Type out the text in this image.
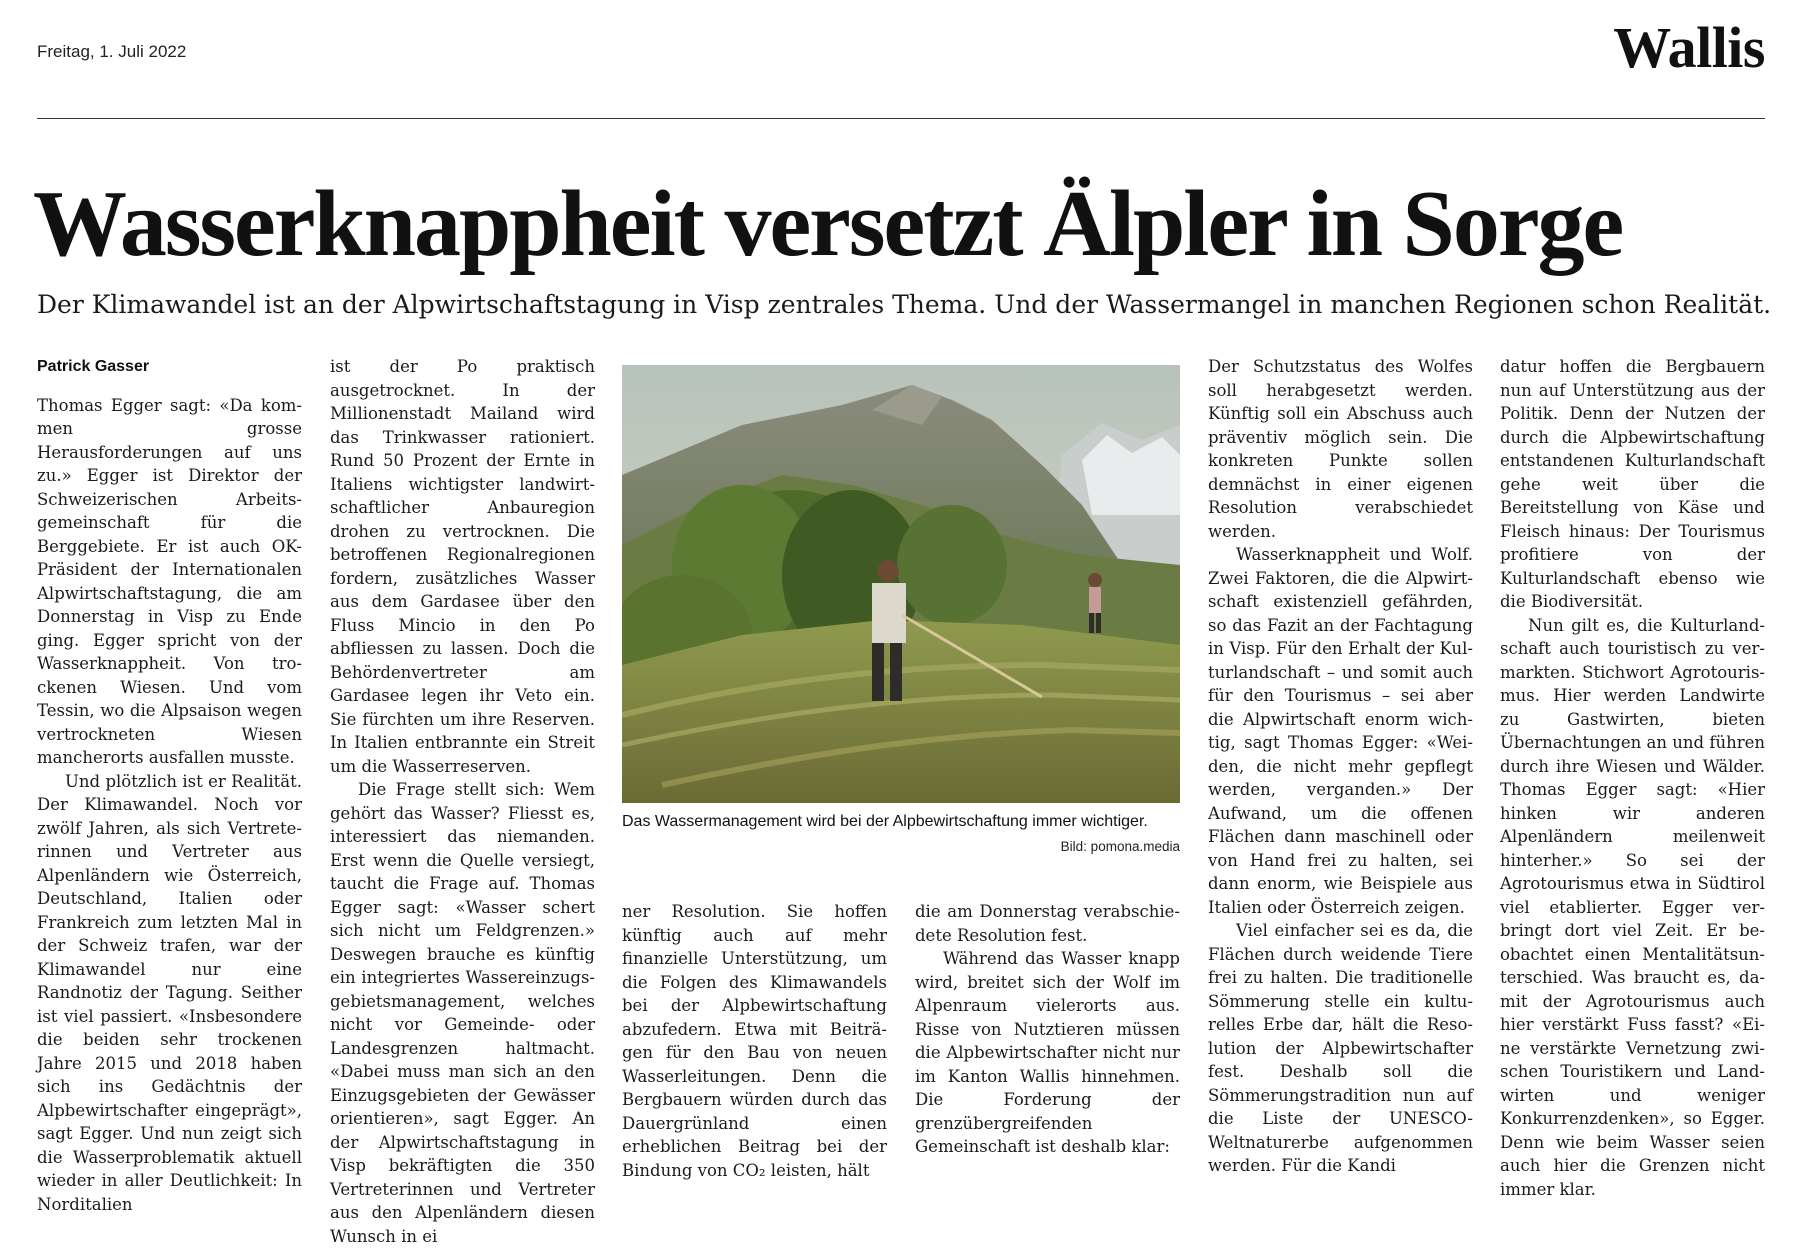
Freitag, 1. Juli 2022	Wallis
Wasserknappheit versetzt Älpler in Sorge

Der Klimawandel ist an der Alpwirtschaftstagung in Visp zentrales Thema. Und der Wassermangel in manchen Regionen schon Realität.

Patrick Gasser

Thomas Egger sagt: «Da kommen grosse Herausforderungen auf uns zu.» Egger ist Direktor der Schweizerischen Arbeitsgemeinschaft für die Berggebiete. Er ist auch OK-Präsident der Internationalen Alpwirtschaftstagung, die am Donnerstag in Visp zu Ende ging. Egger spricht von der Wasserknappheit. Von trockenen Wiesen. Und vom Tessin, wo die Alpsaison wegen vertrockneten Wiesen mancherorts ausfallen musste.

Und plötzlich ist er Realität. Der Klimawandel. Noch vor zwölf Jahren, als sich Vertreterinnen und Vertreter aus Alpenländern wie Österreich, Deutschland, Italien oder Frankreich zum letzten Mal in der Schweiz trafen, war der Klimawandel nur eine Randnotiz der Tagung. Seither ist viel passiert. «Insbesondere die beiden sehr trockenen Jahre 2015 und 2018 haben sich ins Gedächtnis der Alpbewirtschafter eingeprägt», sagt Egger. Und nun zeigt sich die Wasserproblematik aktuell wieder in aller Deutlichkeit: In Norditalien

ist der Po praktisch ausgetrocknet. In der Millionenstadt Mailand wird das Trinkwasser rationiert. Rund 50 Prozent der Ernte in Italiens wichtigster landwirtschaftlicher Anbauregion drohen zu vertrocknen. Die betroffenen Regionalregionen fordern, zusätzliches Wasser aus dem Gardasee über den Fluss Mincio in den Po abfliessen zu lassen. Doch die Behördenvertreter am Gardasee legen ihr Veto ein. Sie fürchten um ihre Reserven. In Italien entbrannte ein Streit um die Wasserreserven.

Die Frage stellt sich: Wem gehört das Wasser? Fliesst es, interessiert das niemanden. Erst wenn die Quelle versiegt, taucht die Frage auf. Thomas Egger sagt: «Wasser schert sich nicht um Feldgrenzen.» Deswegen brauche es künftig ein integriertes Wassereinzugsgebietsmanagement, welches nicht vor Gemeinde- oder Landesgrenzen haltmacht. «Dabei muss man sich an den Einzugsgebieten der Gewässer orientieren», sagt Egger. An der Alpwirtschaftstagung in Visp bekräftigten die 350 Vertreterinnen und Vertreter aus den Alpenländern diesen Wunsch in ei

Das Wassermanagement wird bei der Alpbewirtschaftung immer wichtiger.

Bild: pomona.media

ner Resolution. Sie hoffen künftig auch auf mehr finanzielle Unterstützung, um die Folgen des Klimawandels bei der Alpbewirtschaftung abzufedern. Etwa mit Beiträgen für den Bau von neuen Wasserleitungen. Denn die Bergbauern würden durch das Dauergrünland einen erheblichen Beitrag bei der Bindung von CO₂ leisten, hält

die am Donnerstag verabschiedete Resolution fest.

Während das Wasser knapp wird, breitet sich der Wolf im Alpenraum vielerorts aus. Risse von Nutztieren müssen die Alpbewirtschafter nicht nur im Kanton Wallis hinnehmen. Die Forderung der grenzübergreifenden Gemeinschaft ist deshalb klar:

Der Schutzstatus des Wolfes soll herabgesetzt werden. Künftig soll ein Abschuss auch präventiv möglich sein. Die konkreten Punkte sollen demnächst in einer eigenen Resolution verabschiedet werden.

Wasserknappheit und Wolf. Zwei Faktoren, die die Alpwirtschaft existenziell gefährden, so das Fazit an der Fachtagung in Visp. Für den Erhalt der Kulturlandschaft – und somit auch für den Tourismus – sei aber die Alpwirtschaft enorm wichtig, sagt Thomas Egger: «Weiden, die nicht mehr gepflegt werden, verganden.» Der Aufwand, um die offenen Flächen dann maschinell oder von Hand frei zu halten, sei dann enorm, wie Beispiele aus Italien oder Österreich zeigen.

Viel einfacher sei es da, die Flächen durch weidende Tiere frei zu halten. Die traditionelle Sömmerung stelle ein kulturelles Erbe dar, hält die Resolution der Alpbewirtschafter fest. Deshalb soll die Sömmerungstradition nun auf die Liste der UNESCO-Weltnaturerbe aufgenommen werden. Für die Kandi

datur hoffen die Bergbauern nun auf Unterstützung aus der Politik. Denn der Nutzen der durch die Alpbewirtschaftung entstandenen Kulturlandschaft gehe weit über die Bereitstellung von Käse und Fleisch hinaus: Der Tourismus profitiere von der Kulturlandschaft ebenso wie die Biodiversität.

Nun gilt es, die Kulturlandschaft auch touristisch zu vermarkten. Stichwort Agrotourismus. Hier werden Landwirte zu Gastwirten, bieten Übernachtungen an und führen durch ihre Wiesen und Wälder. Thomas Egger sagt: «Hier hinken wir anderen Alpenländern meilenweit hinterher.» So sei der Agrotourismus etwa in Südtirol viel etablierter. Egger verbringt dort viel Zeit. Er beobachtet einen Mentalitätsunterschied. Was braucht es, damit der Agrotourismus auch hier verstärkt Fuss fasst? «Eine verstärkte Vernetzung zwischen Touristikern und Landwirten und weniger Konkurrenzdenken», so Egger. Denn wie beim Wasser seien auch hier die Grenzen nicht immer klar.
